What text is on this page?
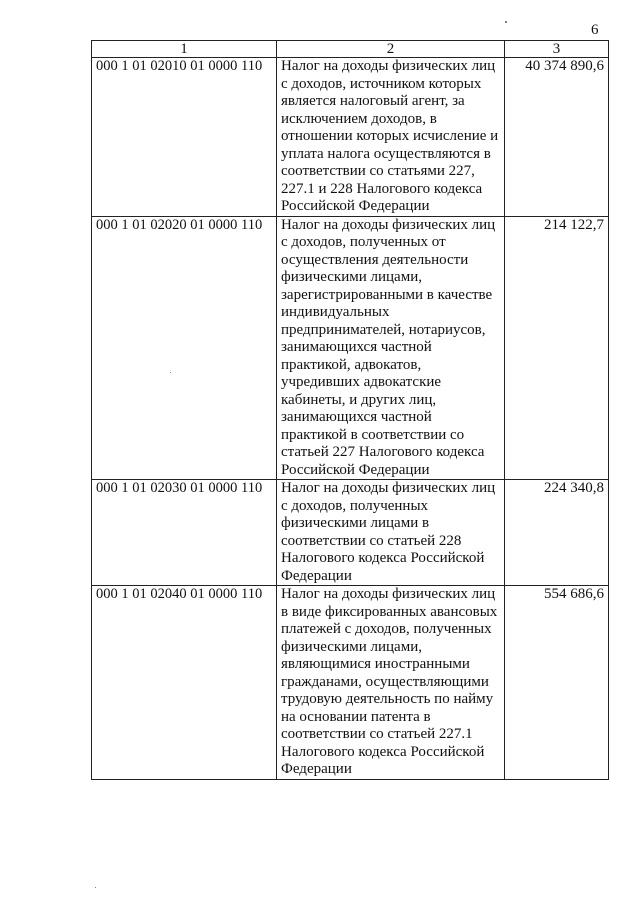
6
1	2	3
000 1 01 02010 01 0000 110	Налог на доходы физических лиц с доходов, источником которых является налоговый агент, за исключением доходов, в отношении которых исчисление и уплата налога осуществляются в соответствии со статьями 227, 227.1 и 228 Налогового кодекса Российской Федерации	40 374 890,6
000 1 01 02020 01 0000 110	Налог на доходы физических лиц с доходов, полученных от осуществления деятельности физическими лицами, зарегистрированными в качестве индивидуальных предпринимателей, нотариусов, занимающихся частной практикой, адвокатов, учредивших адвокатские кабинеты, и других лиц, занимающихся частной практикой в соответствии со статьей 227 Налогового кодекса Российской Федерации	214 122,7
000 1 01 02030 01 0000 110	Налог на доходы физических лиц с доходов, полученных физическими лицами в соответствии со статьей 228 Налогового кодекса Российской Федерации	224 340,8
000 1 01 02040 01 0000 110	Налог на доходы физических лиц в виде фиксированных авансовых платежей с доходов, полученных физическими лицами, являющимися иностранными гражданами, осуществляющими трудовую деятельность по найму на основании патента в соответствии со статьей 227.1 Налогового кодекса Российской Федерации	554 686,6
